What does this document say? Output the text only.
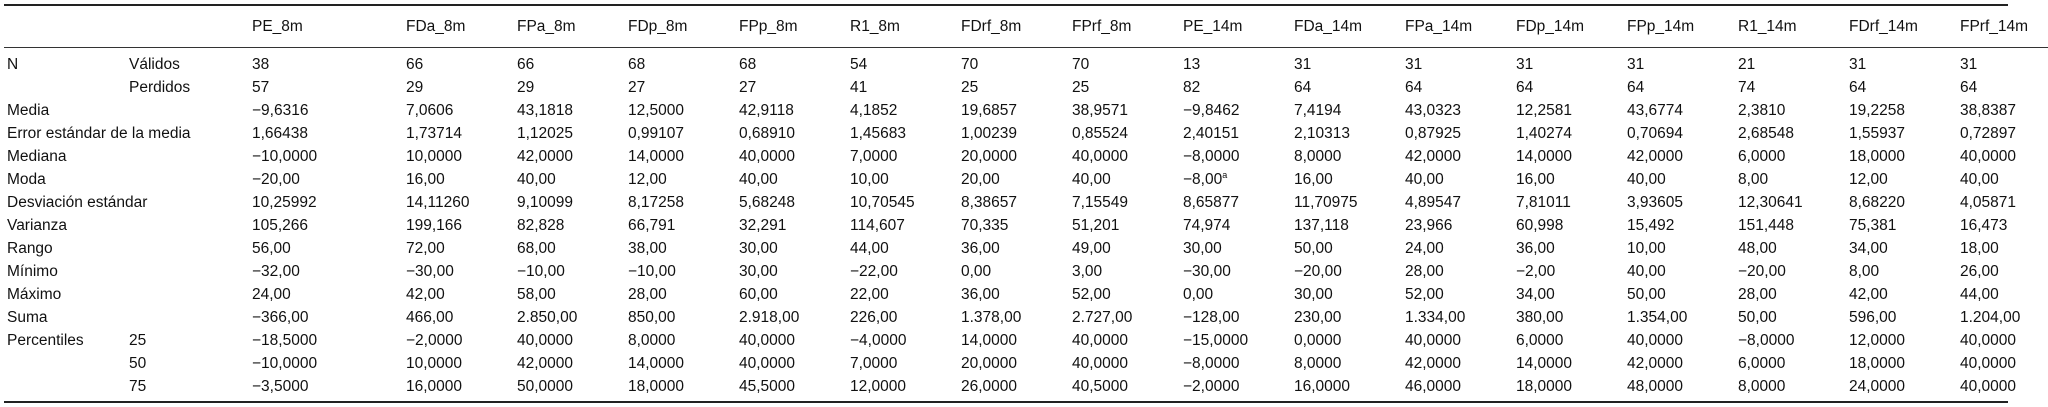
		PE_8m	FDa_8m	FPa_8m	FDp_8m	FPp_8m	R1_8m	FDrf_8m	FPrf_8m	PE_14m	FDa_14m	FPa_14m	FDp_14m	FPp_14m	R1_14m	FDrf_14m	FPrf_14m
N	Válidos	38	66	66	68	68	54	70	70	13	31	31	31	31	21	31	31
	Perdidos	57	29	29	27	27	41	25	25	82	64	64	64	64	74	64	64
Media		−9,6316	7,0606	43,1818	12,5000	42,9118	4,1852	19,6857	38,9571	−9,8462	7,4194	43,0323	12,2581	43,6774	2,3810	19,2258	38,8387
Error estándar de la media		1,66438	1,73714	1,12025	0,99107	0,68910	1,45683	1,00239	0,85524	2,40151	2,10313	0,87925	1,40274	0,70694	2,68548	1,55937	0,72897
Mediana		−10,0000	10,0000	42,0000	14,0000	40,0000	7,0000	20,0000	40,0000	−8,0000	8,0000	42,0000	14,0000	42,0000	6,0000	18,0000	40,0000
Moda		−20,00	16,00	40,00	12,00	40,00	10,00	20,00	40,00	−8,00$^a$	16,00	40,00	16,00	40,00	8,00	12,00	40,00
Desviación estándar		10,25992	14,11260	9,10099	8,17258	5,68248	10,70545	8,38657	7,15549	8,65877	11,70975	4,89547	7,81011	3,93605	12,30641	8,68220	4,05871
Varianza		105,266	199,166	82,828	66,791	32,291	114,607	70,335	51,201	74,974	137,118	23,966	60,998	15,492	151,448	75,381	16,473
Rango		56,00	72,00	68,00	38,00	30,00	44,00	36,00	49,00	30,00	50,00	24,00	36,00	10,00	48,00	34,00	18,00
Mínimo		−32,00	−30,00	−10,00	−10,00	30,00	−22,00	0,00	3,00	−30,00	−20,00	28,00	−2,00	40,00	−20,00	8,00	26,00
Máximo		24,00	42,00	58,00	28,00	60,00	22,00	36,00	52,00	0,00	30,00	52,00	34,00	50,00	28,00	42,00	44,00
Suma		−366,00	466,00	2.850,00	850,00	2.918,00	226,00	1.378,00	2.727,00	−128,00	230,00	1.334,00	380,00	1.354,00	50,00	596,00	1.204,00
Percentiles	25	−18,5000	−2,0000	40,0000	8,0000	40,0000	−4,0000	14,0000	40,0000	−15,0000	0,0000	40,0000	6,0000	40,0000	−8,0000	12,0000	40,0000
	50	−10,0000	10,0000	42,0000	14,0000	40,0000	7,0000	20,0000	40,0000	−8,0000	8,0000	42,0000	14,0000	42,0000	6,0000	18,0000	40,0000
	75	−3,5000	16,0000	50,0000	18,0000	45,5000	12,0000	26,0000	40,5000	−2,0000	16,0000	46,0000	18,0000	48,0000	8,0000	24,0000	40,0000
